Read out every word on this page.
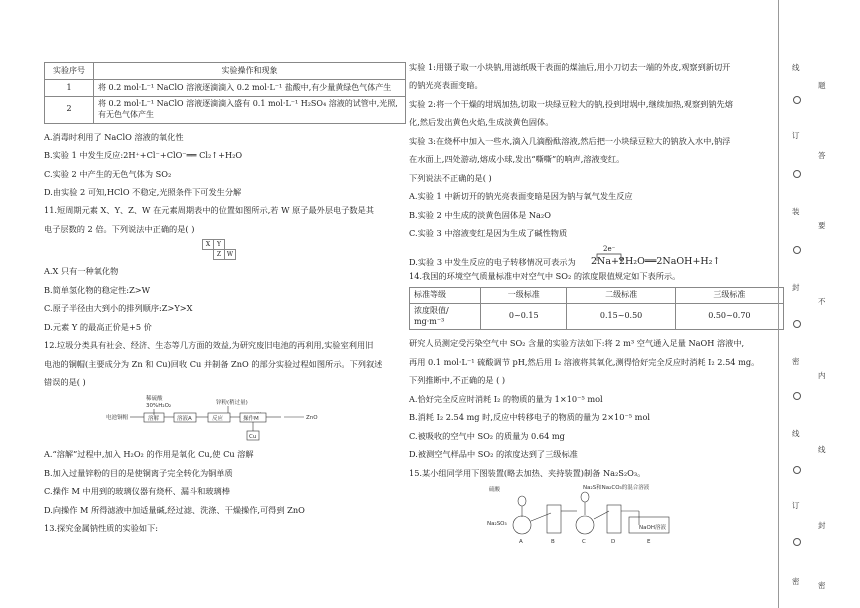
实验序号	实验操作和现象
1	将 0.2 mol·L⁻¹ NaClO 溶液逐滴滴入 0.2 mol·L⁻¹ 盐酸中,有少量黄绿色气体产生
2	将 0.2 mol·L⁻¹ NaClO 溶液逐滴滴入盛有 0.1 mol·L⁻¹ H₂SO₄ 溶液的试管中,光照,
有无色气体产生

A.消毒时利用了 NaClO 溶液的氧化性

B.实验 1 中发生反应:2H⁺+Cl⁻+ClO⁻══ Cl₂↑+H₂O

C.实验 2 中产生的无色气体为 SO₂

D.由实验 2 可知,HClO 不稳定,光照条件下可发生分解

11.短周期元素 X、Y、Z、W 在元素周期表中的位置如图所示,若 W 原子最外层电子数是其

电子层数的 2 倍。下列说法中正确的是( )

X	Y	
	Z	W

A.X 只有一种氧化物

B.简单氢化物的稳定性:Z>W

C.原子半径由大到小的排列顺序:Z>Y>X

D.元素 Y 的最高正价是+5 价

12.垃圾分类具有社会、经济、生态等几方面的效益,为研究废旧电池的再利用,实验室利用旧

电池的铜帽(主要成分为 Zn 和 Cu)回收 Cu 并制备 ZnO 的部分实验过程如图所示。下列叙述

错误的是( )

稀硫酸
30%H₂O₂	锌粉(稍过量)
电池铜帽	溶解	溶液A	反应	操作M
…
ZnO
Cu

A.“溶解”过程中,加入 H₂O₂ 的作用是氧化 Cu,使 Cu 溶解

B.加入过量锌粉的目的是使铜离子完全转化为铜单质

C.操作 M 中用到的玻璃仪器有烧杯、漏斗和玻璃棒

D.向操作 M 所得滤液中加适量碱,经过滤、洗涤、干燥操作,可得到 ZnO

13.探究金属钠性质的实验如下:

实验 1:用镊子取一小块钠,用滤纸吸干表面的煤油后,用小刀切去一端的外皮,观察到新切开

的钠光亮表面变暗。

实验 2:将一个干燥的坩埚加热,切取一块绿豆粒大的钠,投到坩埚中,继续加热,观察到钠先熔

化,然后发出黄色火焰,生成淡黄色固体。

实验 3:在烧杯中加入一些水,滴入几滴酚酞溶液,然后把一小块绿豆粒大的钠放入水中,钠浮

在水面上,四处游动,熔成小球,发出“嘶嘶”的响声,溶液变红。

下列说法不正确的是( )

A.实验 1 中新切开的钠光亮表面变暗是因为钠与氧气发生反应

B.实验 2 中生成的淡黄色固体是 Na₂O

C.实验 3 中溶液变红是因为生成了碱性物质

D.实验 3 中发生反应的电子转移情况可表示为
2e⁻
2Na+2H₂O══2NaOH+H₂↑

14.我国的环境空气质量标准中对空气中 SO₂ 的浓度限值规定如下表所示。

标准等级	一级标准	二级标准	三级标准

浓度限值/
mg·m⁻³	0~0.15	0.15~0.50	0.50~0.70

研究人员测定受污染空气中 SO₂ 含量的实验方法如下:将 2 m³ 空气通入足量 NaOH 溶液中,

再用 0.1 mol·L⁻¹ 硫酸调节 pH,然后用 I₂ 溶液将其氧化,测得恰好完全反应时消耗 I₂ 2.54 mg。

下列推断中,不正确的是 ( )

A.恰好完全反应时消耗 I₂ 的物质的量为 1×10⁻⁵ mol

B.消耗 I₂ 2.54 mg 时,反应中转移电子的物质的量为 2×10⁻⁵ mol

C.被吸收的空气中 SO₂ 的质量为 0.64 mg

D.被测空气样品中 SO₂ 的浓度达到了三级标准

15.某小组同学用下图装置(略去加热、夹持装置)制备 Na₂S₂O₃。

硫酸	Na₂S和Na₂CO₃的混合溶液
Na₂SO₃
NaOH溶液
A	B	C	D	E
线
订
装
封
密
线
订
密
题
答
要
不
内
线
封
密
